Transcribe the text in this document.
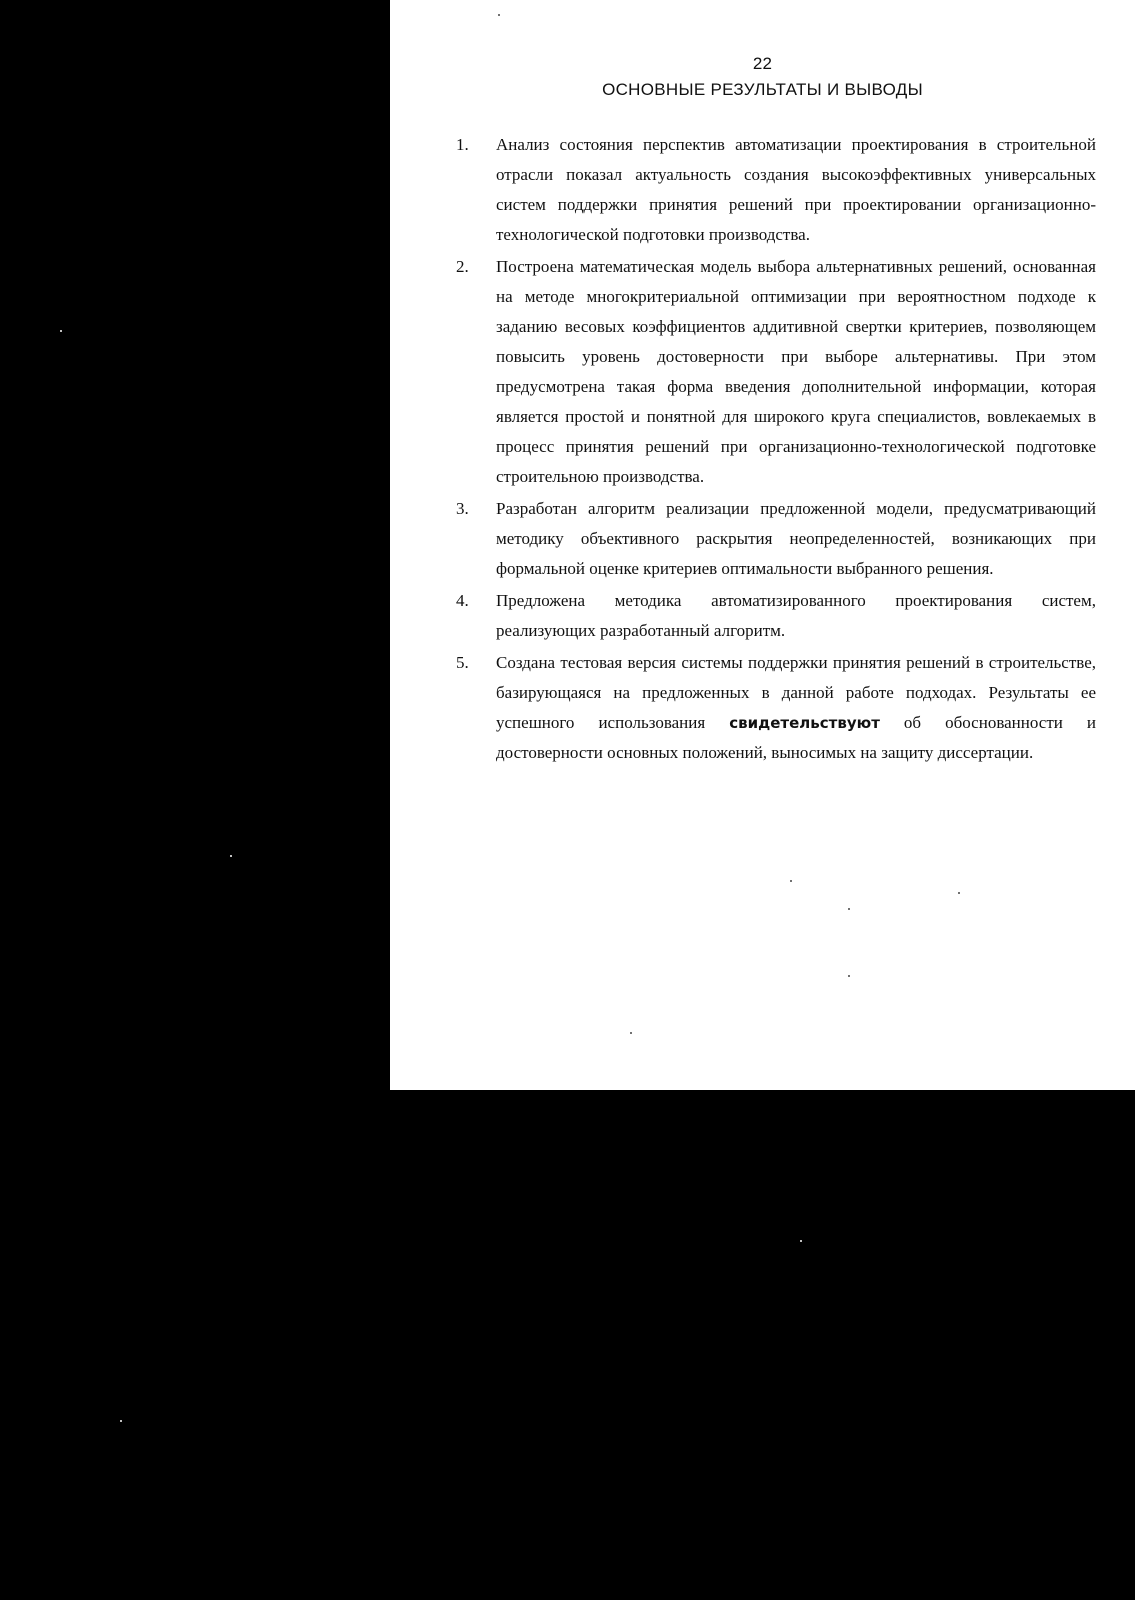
22
ОСНОВНЫЕ РЕЗУЛЬТАТЫ И ВЫВОДЫ
1. Анализ состояния перспектив автоматизации проектирования в строительной отрасли показал актуальность создания высокоэффективных универсальных систем поддержки принятия решений при проектировании организационно-технологической подготовки производства.
2. Построена математическая модель выбора альтернативных решений, основанная на методе многокритериальной оптимизации при вероятностном подходе к заданию весовых коэффициентов аддитивной свертки критериев, позволяющем повысить уровень достоверности при выборе альтернативы. При этом предусмотрена такая форма введения дополнительной информации, которая является простой и понятной для широкого круга специалистов, вовлекаемых в процесс принятия решений при организационно-технологической подготовке строительною производства.
3. Разработан алгоритм реализации предложенной модели, предусматривающий методику объективного раскрытия неопределенностей, возникающих при формальной оценке критериев оптимальности выбранного решения.
4. Предложена методика автоматизированного проектирования систем, реализующих разработанный алгоритм.
5. Создана тестовая версия системы поддержки принятия решений в строительстве, базирующаяся на предложенных в данной работе подходах. Результаты ее успешного использования свидетельствуют об обоснованности и достоверности основных положений, выносимых на защиту диссертации.
